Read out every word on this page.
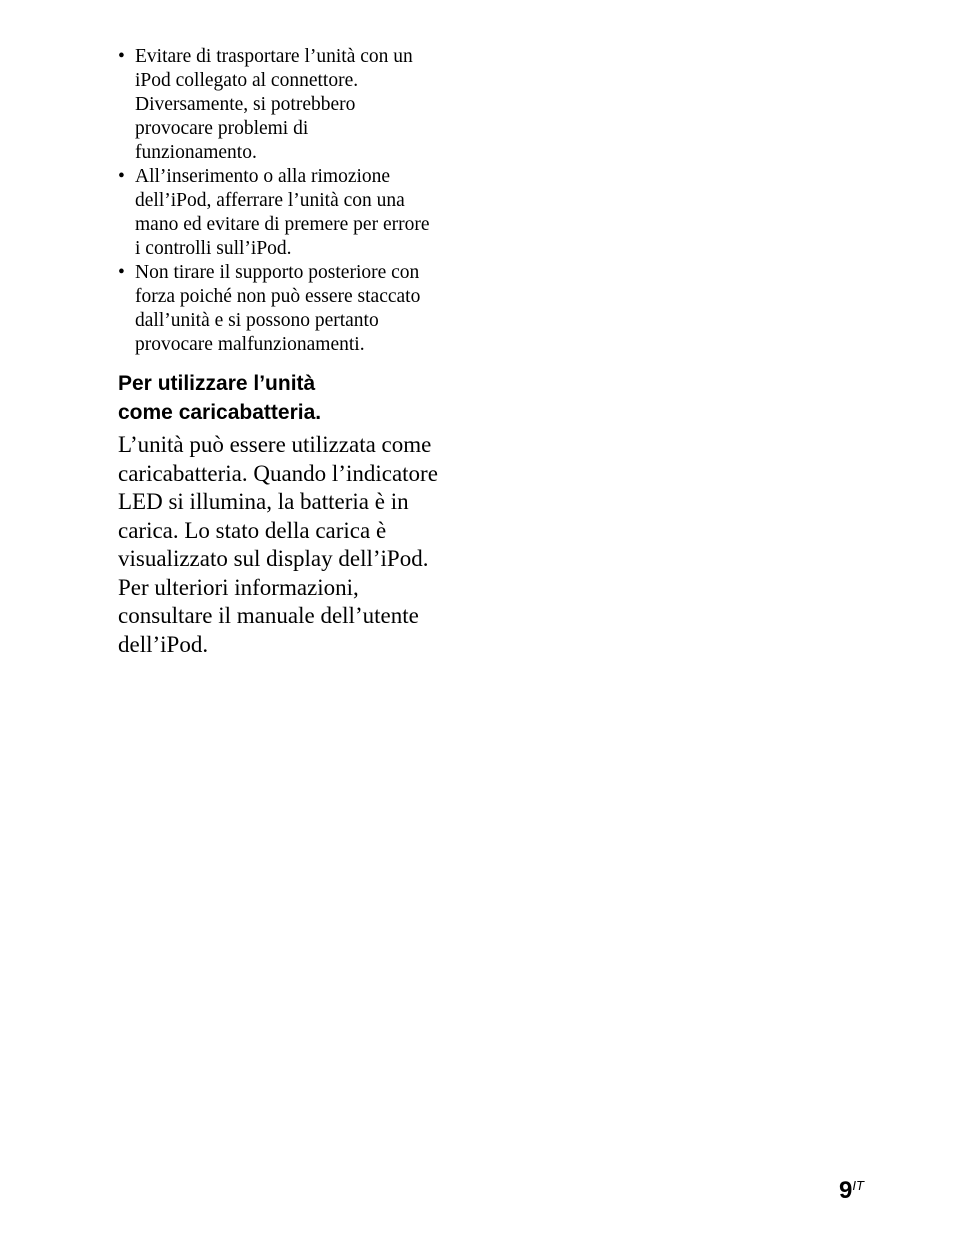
• Evitare di trasportare l’unità con un
iPod collegato al connettore.
Diversamente, si potrebbero
provocare problemi di
funzionamento.
• All’inserimento o alla rimozione
dell’iPod, afferrare l’unità con una
mano ed evitare di premere per errore
i controlli sull’iPod.
• Non tirare il supporto posteriore con
forza poiché non può essere staccato
dall’unità e si possono pertanto
provocare malfunzionamenti.
Per utilizzare l’unità
come caricabatteria.
L’unità può essere utilizzata come
caricabatteria. Quando l’indicatore
LED si illumina, la batteria è in
carica. Lo stato della carica è
visualizzato sul display dell’iPod.
Per ulteriori informazioni,
consultare il manuale dell’utente
dell’iPod.
$9^{IT}$
